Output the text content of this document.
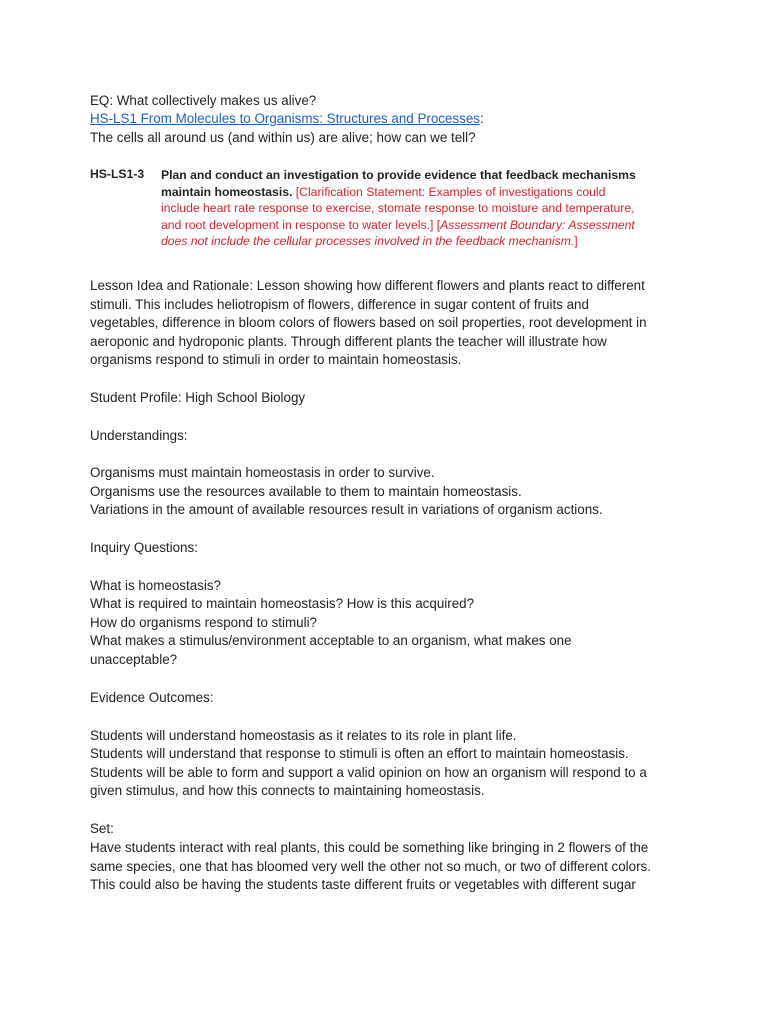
EQ: What collectively makes us alive?
HS-LS1 From Molecules to Organisms: Structures and Processes:
The cells all around us (and within us) are alive; how can we tell?
HS-LS1-3 Plan and conduct an investigation to provide evidence that feedback mechanisms
maintain homeostasis. [Clarification Statement: Examples of investigations could
include heart rate response to exercise, stomate response to moisture and temperature,
and root development in response to water levels.] [Assessment Boundary: Assessment
does not include the cellular processes involved in the feedback mechanism.]
Lesson Idea and Rationale: Lesson showing how different flowers and plants react to different
stimuli. This includes heliotropism of flowers, difference in sugar content of fruits and
vegetables, difference in bloom colors of flowers based on soil properties, root development in
aeroponic and hydroponic plants. Through different plants the teacher will illustrate how
organisms respond to stimuli in order to maintain homeostasis.
Student Profile: High School Biology
Understandings:
Organisms must maintain homeostasis in order to survive.
Organisms use the resources available to them to maintain homeostasis.
Variations in the amount of available resources result in variations of organism actions.
Inquiry Questions:
What is homeostasis?
What is required to maintain homeostasis? How is this acquired?
How do organisms respond to stimuli?
What makes a stimulus/environment acceptable to an organism, what makes one
unacceptable?
Evidence Outcomes:
Students will understand homeostasis as it relates to its role in plant life.
Students will understand that response to stimuli is often an effort to maintain homeostasis.
Students will be able to form and support a valid opinion on how an organism will respond to a
given stimulus, and how this connects to maintaining homeostasis.
Set:
Have students interact with real plants, this could be something like bringing in 2 flowers of the
same species, one that has bloomed very well the other not so much, or two of different colors.
This could also be having the students taste different fruits or vegetables with different sugar
